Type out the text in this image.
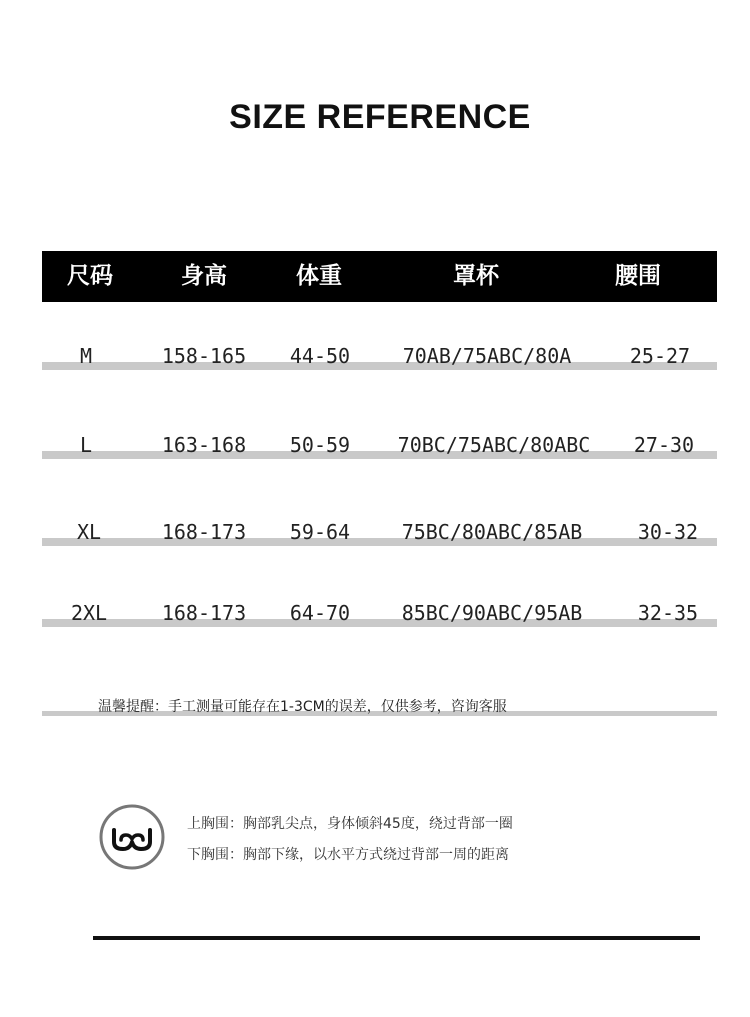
SIZE REFERENCE
尺码	身高	体重	罩杯	腰围
M	158-165	44-50	70AB/75ABC/80A	25-27
L	163-168	50-59	70BC/75ABC/80ABC	27-30
XL	168-173	59-64	75BC/80ABC/85AB	30-32
2XL	168-173	64-70	85BC/90ABC/95AB	32-35
温馨提醒：手工测量可能存在1-3CM的误差，仅供参考，咨询客服
上胸围：胸部乳尖点，身体倾斜45度，绕过背部一圈
下胸围：胸部下缘，以水平方式绕过背部一周的距离
